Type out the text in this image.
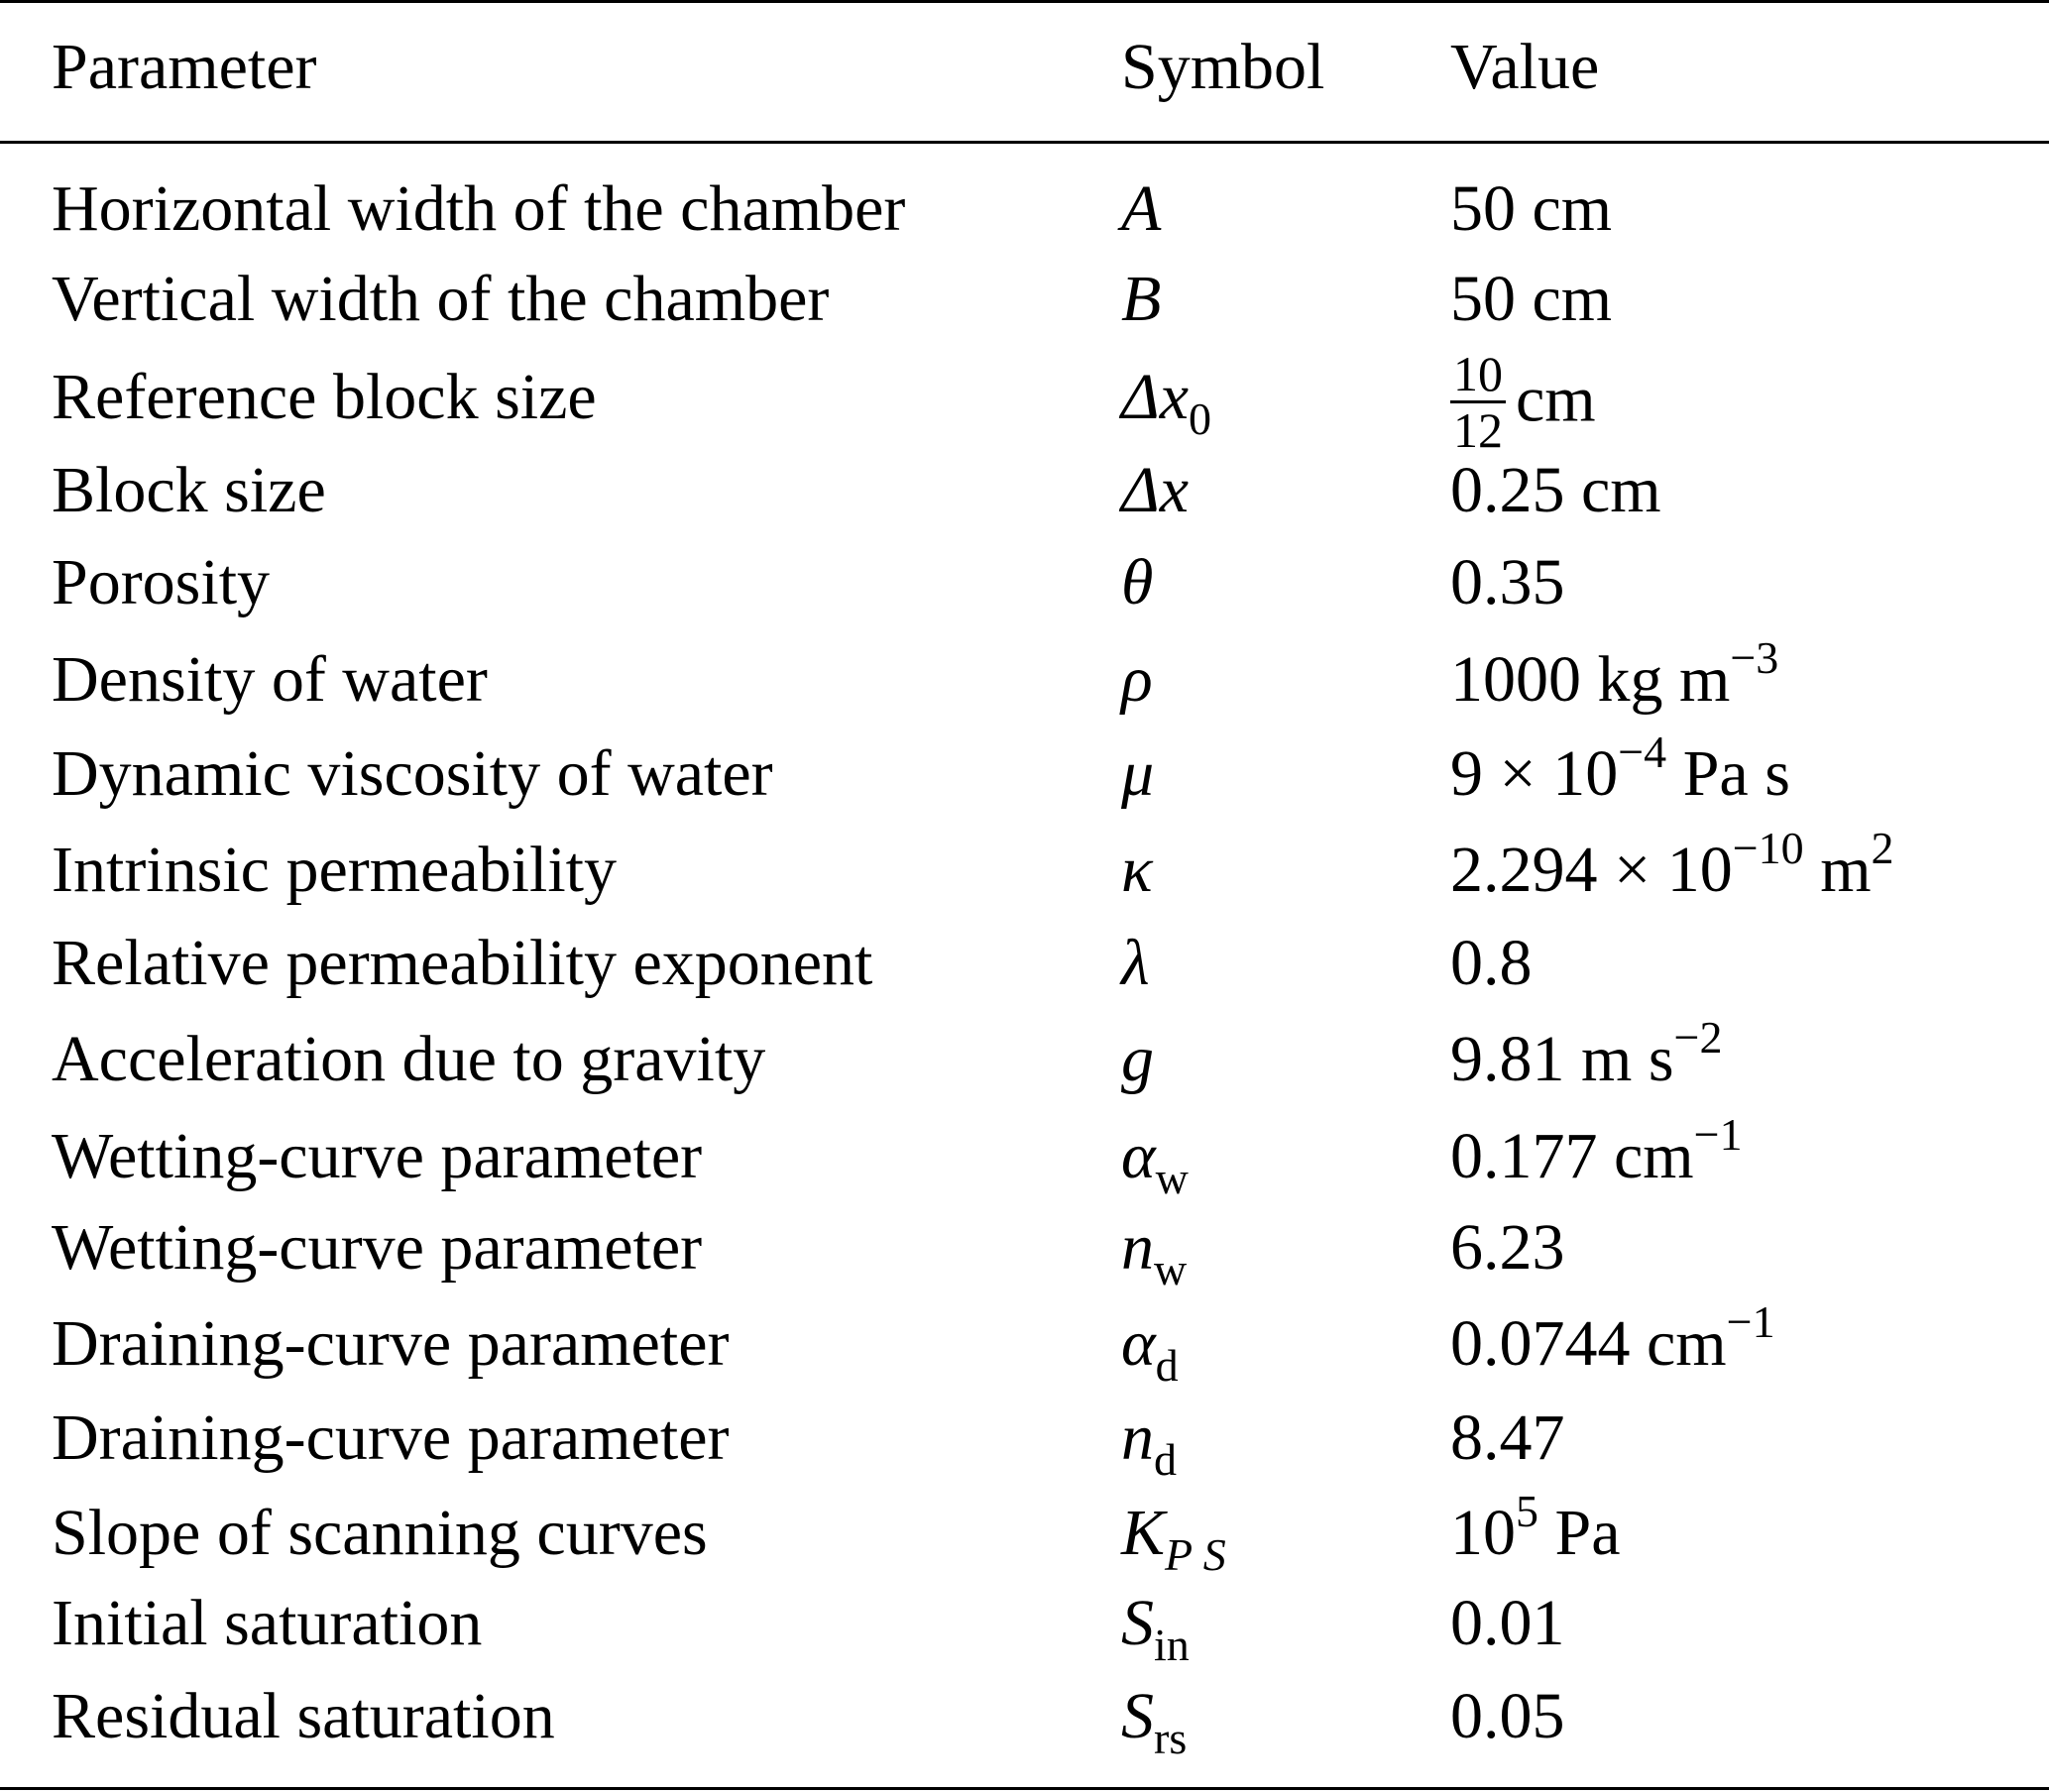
Parameter	Symbol Value
Horizontal width of the chamber	A	50 cm
Vertical width of the chamber	B	50 cm
Reference block size	$\Delta x_0$	$\frac{10}{12}$ cm
Block size	Δx	0.25 cm
Porosity	θ	0.35
Density of water	ρ	1000 kg $m^{-3}$
Dynamic viscosity of water	μ	$9 \times 10^{-4}$ Pa s
Intrinsic permeability	κ	$2.294 \times 10^{-10}$ $m^2$
Relative permeability exponent	λ	0.8
Acceleration due to gravity	g	9.81 m $s^{-2}$
Wetting-curve parameter	$\alpha_w$	0.177 $cm^{-1}$
Wetting-curve parameter	$n_w$	6.23
Draining-curve parameter	$\alpha_d$	0.0744 $cm^{-1}$
Draining-curve parameter	$n_d$	8.47
Slope of scanning curves	$K_{P S}$	$10^5$ Pa
Initial saturation	$S_{in}$	0.01
Residual saturation	$S_{rs}$	0.05
